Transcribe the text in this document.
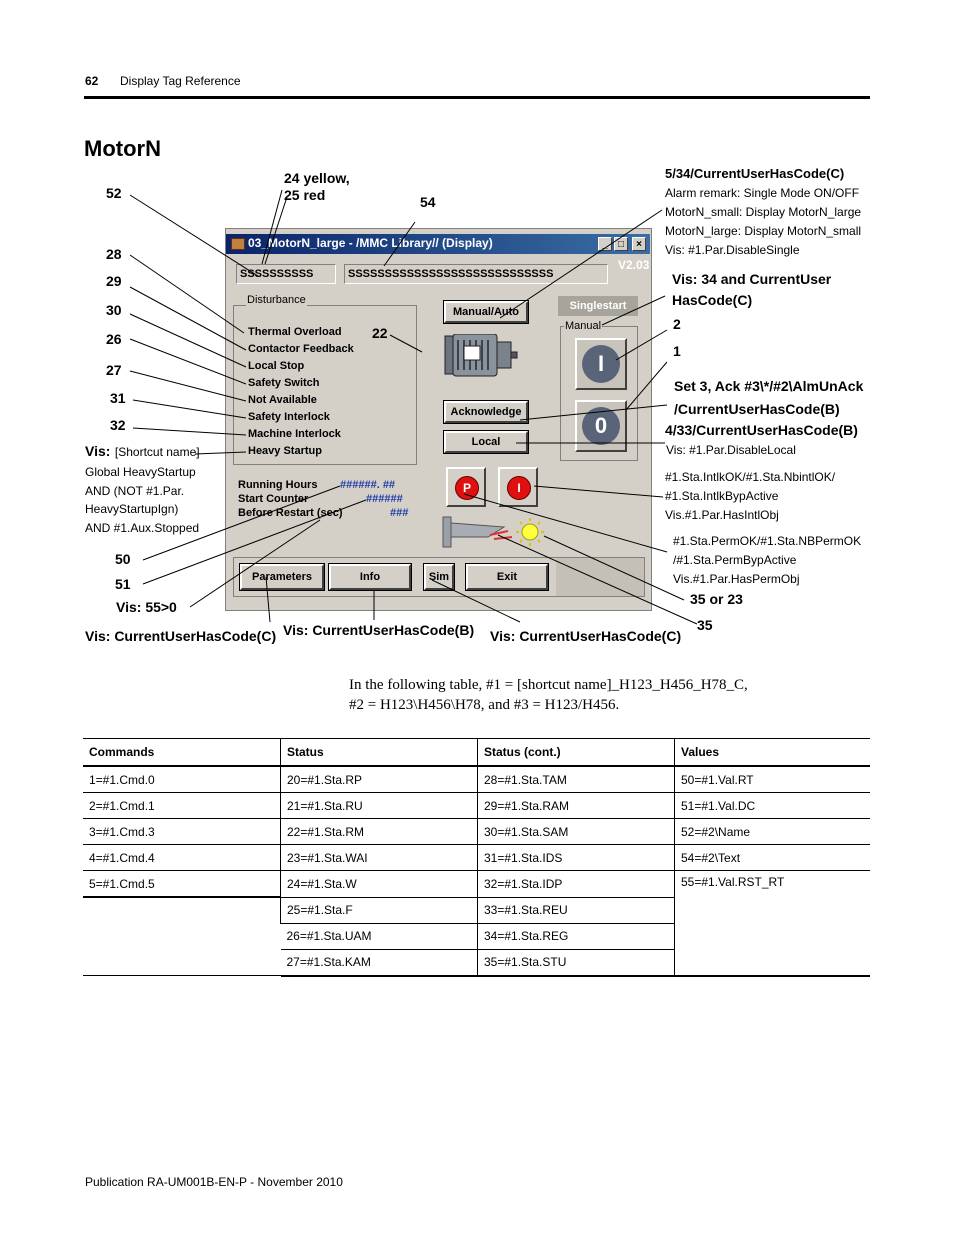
62 Display Tag Reference
MotorN
03_MotorN_large - /MMC Library// (Display)	_	□	×
V2.03
SSSSSSSSSS	SSSSSSSSSSSSSSSSSSSSSSSSSSSS
Disturbance
Thermal Overload
Contactor Feedback
Local Stop
Safety Switch
Not Available
Safety Interlock
Machine Interlock
Heavy Startup
Running Hours
Start Counter
Before Restart (sec)
######. ##
######
###
Manual/Auto	Singlestart
Manual
I
0
Acknowledge
Local
P	I
Parameters	Info	Sim	Exit
52
24 yellow,
25 red	54
28
29
30
26
27
31
32
22
Vis: [Shortcut name]
Global HeavyStartup
AND (NOT #1.Par.
HeavyStartupIgn)
AND #1.Aux.Stopped
50
51
Vis: 55>0
Vis: CurrentUserHasCode(C) Vis: CurrentUserHasCode(B) Vis: CurrentUserHasCode(C)
35
35 or 23
5/34/CurrentUserHasCode(C)
Alarm remark: Single Mode ON/OFF
MotorN_small: Display MotorN_large
MotorN_large: Display MotorN_small
Vis: #1.Par.DisableSingle
Vis: 34 and CurrentUser
HasCode(C)
2
1
Set 3, Ack #3\*/#2\AlmUnAck
/CurrentUserHasCode(B)
4/33/CurrentUserHasCode(B)
Vis: #1.Par.DisableLocal
#1.Sta.IntlkOK/#1.Sta.NbintlOK/
#1.Sta.IntlkBypActive
Vis.#1.Par.HasIntlObj
#1.Sta.PermOK/#1.Sta.NBPermOK
/#1.Sta.PermBypActive
Vis.#1.Par.HasPermObj
In the following table, #1 = [shortcut name]_H123_H456_H78_C,
#2 = H123\H456\H78, and #3 = H123/H456.
Commands	Status	Status (cont.)	Values
1=#1.Cmd.0	20=#1.Sta.RP	28=#1.Sta.TAM	50=#1.Val.RT
2=#1.Cmd.1	21=#1.Sta.RU	29=#1.Sta.RAM	51=#1.Val.DC
3=#1.Cmd.3	22=#1.Sta.RM	30=#1.Sta.SAM	52=#2\Name
4=#1.Cmd.4	23=#1.Sta.WAI	31=#1.Sta.IDS	54=#2\Text
5=#1.Cmd.5	24=#1.Sta.W	32=#1.Sta.IDP	55=#1.Val.RST_RT
	25=#1.Sta.F	33=#1.Sta.REU	
	26=#1.Sta.UAM	34=#1.Sta.REG	
	27=#1.Sta.KAM	35=#1.Sta.STU	
Publication RA-UM001B-EN-P - November 2010
